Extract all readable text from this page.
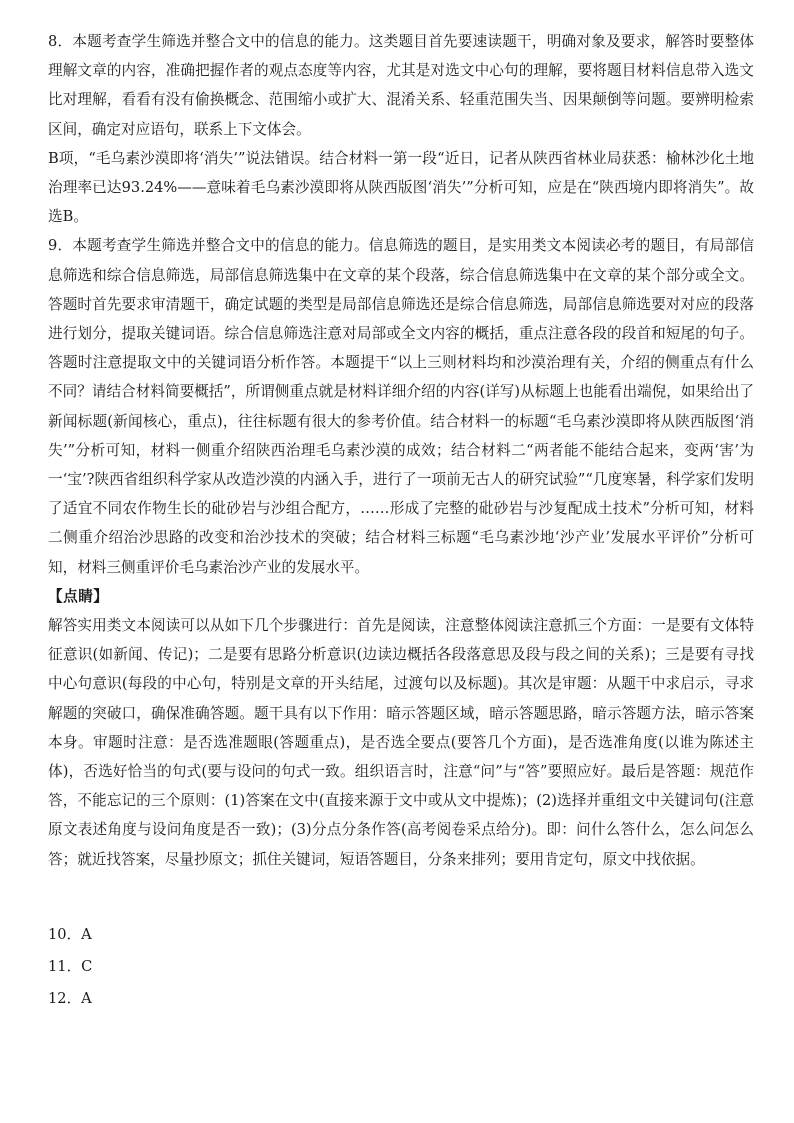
8．本题考查学生筛选并整合文中的信息的能力。这类题目首先要速读题干，明确对象及要求，解答时要整体理解文章的内容，准确把握作者的观点态度等内容，尤其是对选文中心句的理解，要将题目材料信息带入选文比对理解，看看有没有偷换概念、范围缩小或扩大、混淆关系、轻重范围失当、因果颠倒等问题。要辨明检索区间，确定对应语句，联系上下文体会。

B项，“毛乌素沙漠即将‘消失’”说法错误。结合材料一第一段“近日，记者从陕西省林业局获悉：榆林沙化土地治理率已达93.24%——意味着毛乌素沙漠即将从陕西版图‘消失’”分析可知，应是在“陕西境内即将消失”。故选B。

9．本题考查学生筛选并整合文中的信息的能力。信息筛选的题目，是实用类文本阅读必考的题目，有局部信息筛选和综合信息筛选，局部信息筛选集中在文章的某个段落，综合信息筛选集中在文章的某个部分或全文。答题时首先要求审清题干，确定试题的类型是局部信息筛选还是综合信息筛选，局部信息筛选要对对应的段落进行划分，提取关键词语。综合信息筛选注意对局部或全文内容的概括，重点注意各段的段首和短尾的句子。答题时注意提取文中的关键词语分析作答。本题提干“以上三则材料均和沙漠治理有关，介绍的侧重点有什么不同？请结合材料简要概括”，所谓侧重点就是材料详细介绍的内容(详写)从标题上也能看出端倪，如果给出了新闻标题(新闻核心，重点)，往往标题有很大的参考价值。结合材料一的标题“毛乌素沙漠即将从陕西版图‘消失’”分析可知，材料一侧重介绍陕西治理毛乌素沙漠的成效；结合材料二“两者能不能结合起来，变两‘害’为一‘宝’?陕西省组织科学家从改造沙漠的内涵入手，进行了一项前无古人的研究试验”“几度寒暑，科学家们发明了适宜不同农作物生长的砒砂岩与沙组合配方，……形成了完整的砒砂岩与沙复配成土技术”分析可知，材料二侧重介绍治沙思路的改变和治沙技术的突破；结合材料三标题“毛乌素沙地‘沙产业’发展水平评价”分析可知，材料三侧重评价毛乌素治沙产业的发展水平。

【点睛】

解答实用类文本阅读可以从如下几个步骤进行：首先是阅读，注意整体阅读注意抓三个方面：一是要有文体特征意识(如新闻、传记)；二是要有思路分析意识(边读边概括各段落意思及段与段之间的关系)；三是要有寻找中心句意识(每段的中心句，特别是文章的开头结尾，过渡句以及标题)。其次是审题：从题干中求启示，寻求解题的突破口，确保准确答题。题干具有以下作用：暗示答题区域，暗示答题思路，暗示答题方法，暗示答案本身。审题时注意：是否选准题眼(答题重点)，是否选全要点(要答几个方面)，是否选准角度(以谁为陈述主体)，否选好恰当的句式(要与设问的句式一致。组织语言时，注意“问”与“答”要照应好。最后是答题：规范作答，不能忘记的三个原则：(1)答案在文中(直接来源于文中或从文中提炼)；(2)选择并重组文中关键词句(注意原文表述角度与设问角度是否一致)；(3)分点分条作答(高考阅卷采点给分)。即：问什么答什么，怎么问怎么答；就近找答案，尽量抄原文；抓住关键词，短语答题目，分条来排列；要用肯定句，原文中找依据。

10．A

11．C

12．A
